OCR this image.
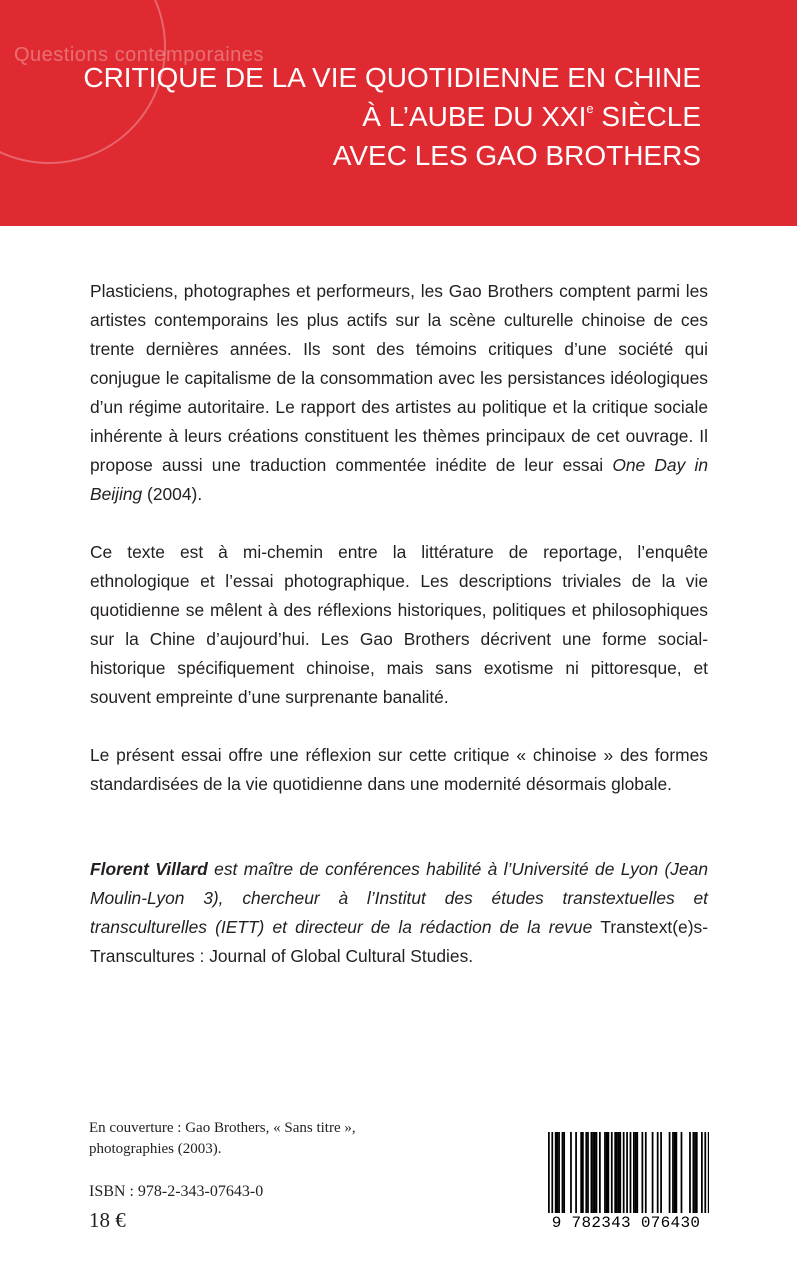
Questions contemporaines
CRITIQUE DE LA VIE QUOTIDIENNE EN CHINE
À L’AUBE DU XXIe SIÈCLE
AVEC LES GAO BROTHERS
Plasticiens, photographes et performeurs, les Gao Brothers comptent parmi les artistes contemporains les plus actifs sur la scène culturelle chinoise de ces trente dernières années. Ils sont des témoins critiques d’une société qui conjugue le capitalisme de la consommation avec les persistances idéologiques d’un régime autoritaire. Le rapport des artistes au politique et la critique sociale inhérente à leurs créations constituent les thèmes principaux de cet ouvrage. Il propose aussi une traduction commentée inédite de leur essai One Day in Beijing (2004).
Ce texte est à mi-chemin entre la littérature de reportage, l’enquête ethnologique et l’essai photographique. Les descriptions triviales de la vie quotidienne se mêlent à des réflexions historiques, politiques et philosophiques sur la Chine d’aujourd’hui. Les Gao Brothers décrivent une forme social-historique spécifiquement chinoise, mais sans exotisme ni pittoresque, et souvent empreinte d’une surprenante banalité.
Le présent essai offre une réflexion sur cette critique « chinoise » des formes standardisées de la vie quotidienne dans une modernité désormais globale.
Florent Villard est maître de conférences habilité à l’Université de Lyon (Jean Moulin-Lyon 3), chercheur à l’Institut des études transtextuelles et transculturelles (IETT) et directeur de la rédaction de la revue Transtext(e)s-Transcultures : Journal of Global Cultural Studies.
En couverture : Gao Brothers, « Sans titre »,
photographies (2003).
ISBN : 978-2-343-07643-0
18 €	9 782343 076430
